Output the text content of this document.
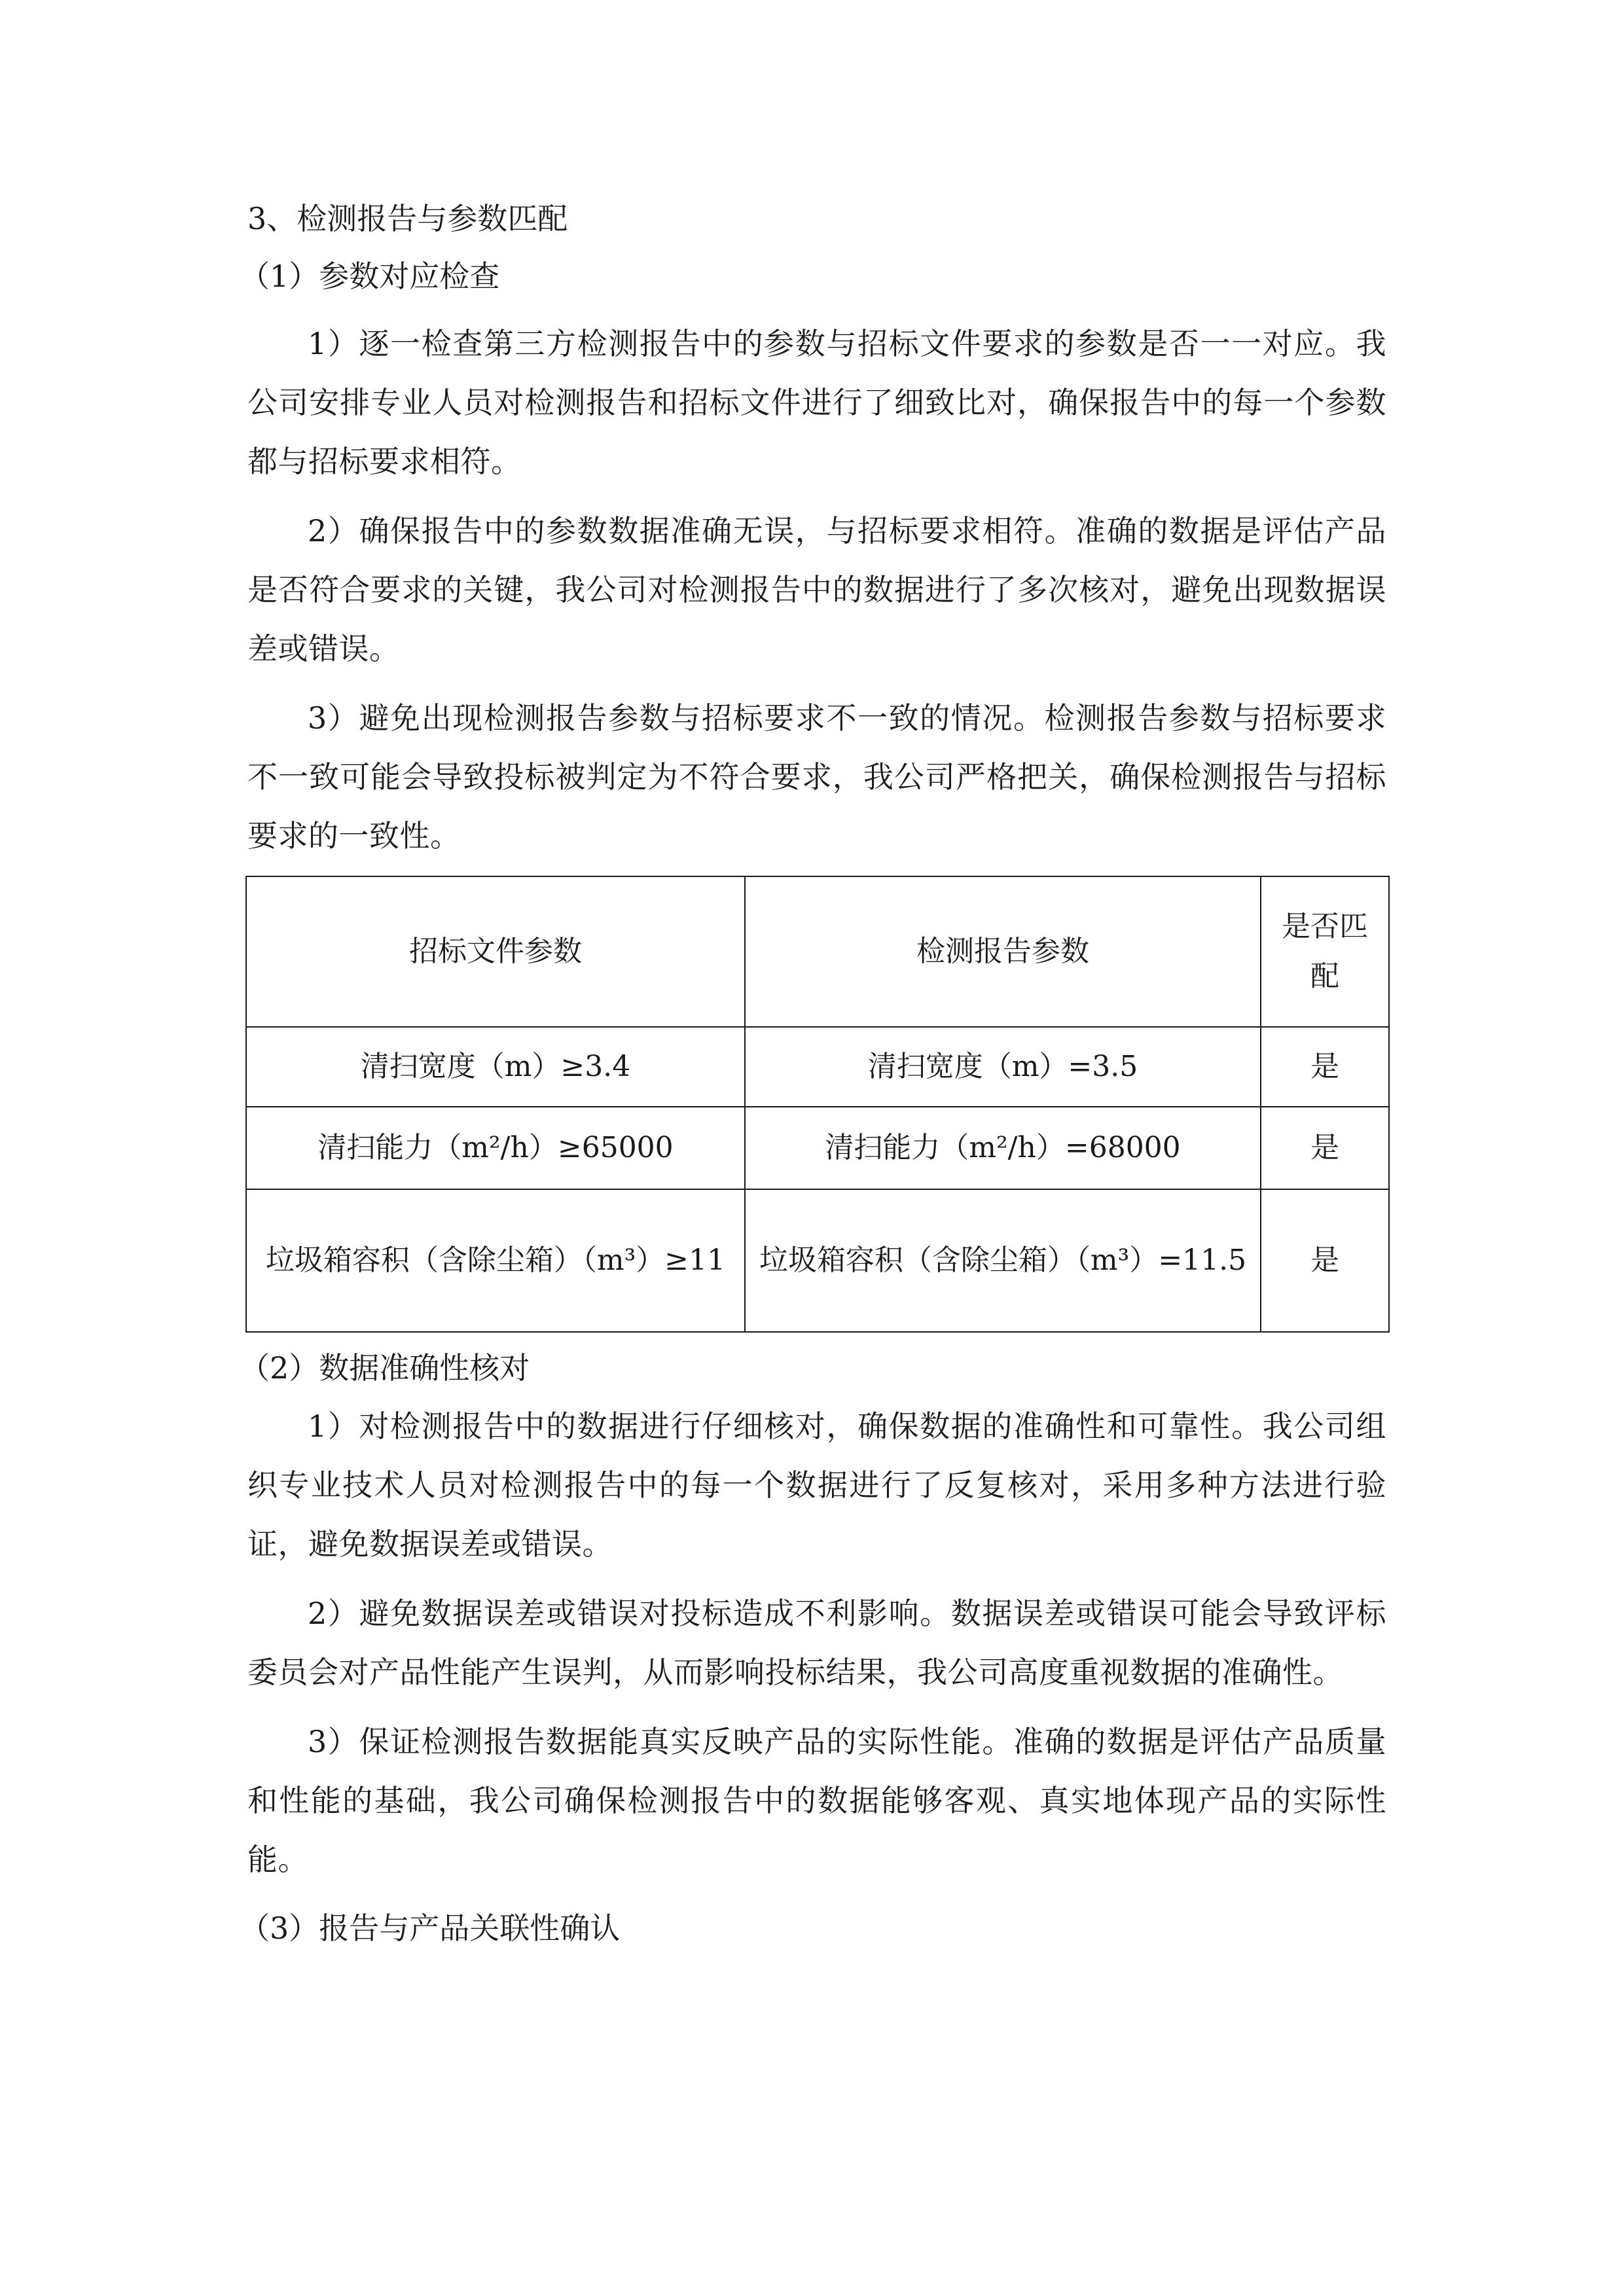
3、检测报告与参数匹配

（1）参数对应检查

1）逐一检查第三方检测报告中的参数与招标文件要求的参数是否一一对应。我公司安排专业人员对检测报告和招标文件进行了细致比对，确保报告中的每一个参数都与招标要求相符。

2）确保报告中的参数数据准确无误，与招标要求相符。准确的数据是评估产品是否符合要求的关键，我公司对检测报告中的数据进行了多次核对，避免出现数据误差或错误。

3）避免出现检测报告参数与招标要求不一致的情况。检测报告参数与招标要求不一致可能会导致投标被判定为不符合要求，我公司严格把关，确保检测报告与招标要求的一致性。

招标文件参数	检测报告参数	是否匹配
清扫宽度（m）≥3.4	清扫宽度（m）=3.5	是
清扫能力（m²/h）≥65000	清扫能力（m²/h）=68000	是
垃圾箱容积（含除尘箱）（m³）≥11	垃圾箱容积（含除尘箱）（m³）=11.5	是

（2）数据准确性核对

1）对检测报告中的数据进行仔细核对，确保数据的准确性和可靠性。我公司组织专业技术人员对检测报告中的每一个数据进行了反复核对，采用多种方法进行验证，避免数据误差或错误。

2）避免数据误差或错误对投标造成不利影响。数据误差或错误可能会导致评标委员会对产品性能产生误判，从而影响投标结果，我公司高度重视数据的准确性。

3）保证检测报告数据能真实反映产品的实际性能。准确的数据是评估产品质量和性能的基础，我公司确保检测报告中的数据能够客观、真实地体现产品的实际性能。

（3）报告与产品关联性确认
